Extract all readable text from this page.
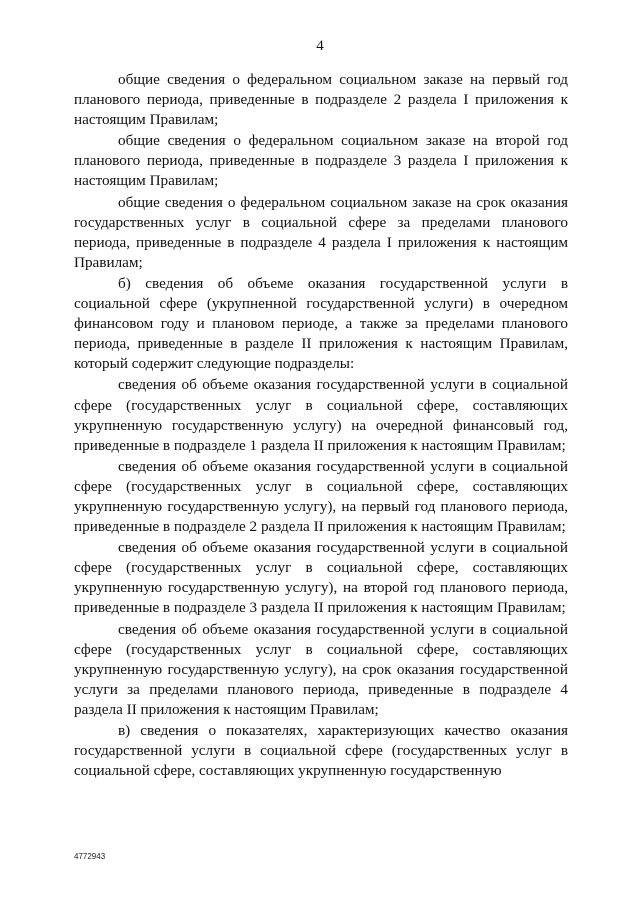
4

общие сведения о федеральном социальном заказе на первый год планового периода, приведенные в подразделе 2 раздела I приложения к настоящим Правилам;

общие сведения о федеральном социальном заказе на второй год планового периода, приведенные в подразделе 3 раздела I приложения к настоящим Правилам;

общие сведения о федеральном социальном заказе на срок оказания государственных услуг в социальной сфере за пределами планового периода, приведенные в подразделе 4 раздела I приложения к настоящим Правилам;

б) сведения об объеме оказания государственной услуги в социальной сфере (укрупненной государственной услуги) в очередном финансовом году и плановом периоде, а также за пределами планового периода, приведенные в разделе II приложения к настоящим Правилам, который содержит следующие подразделы:

сведения об объеме оказания государственной услуги в социальной сфере (государственных услуг в социальной сфере, составляющих укрупненную государственную услугу) на очередной финансовый год, приведенные в подразделе 1 раздела II приложения к настоящим Правилам;

сведения об объеме оказания государственной услуги в социальной сфере (государственных услуг в социальной сфере, составляющих укрупненную государственную услугу), на первый год планового периода, приведенные в подразделе 2 раздела II приложения к настоящим Правилам;

сведения об объеме оказания государственной услуги в социальной сфере (государственных услуг в социальной сфере, составляющих укрупненную государственную услугу), на второй год планового периода, приведенные в подразделе 3 раздела II приложения к настоящим Правилам;

сведения об объеме оказания государственной услуги в социальной сфере (государственных услуг в социальной сфере, составляющих укрупненную государственную услугу), на срок оказания государственной услуги за пределами планового периода, приведенные в подразделе 4 раздела II приложения к настоящим Правилам;

в) сведения о показателях, характеризующих качество оказания государственной услуги в социальной сфере (государственных услуг в социальной сфере, составляющих укрупненную государственную

4772943
